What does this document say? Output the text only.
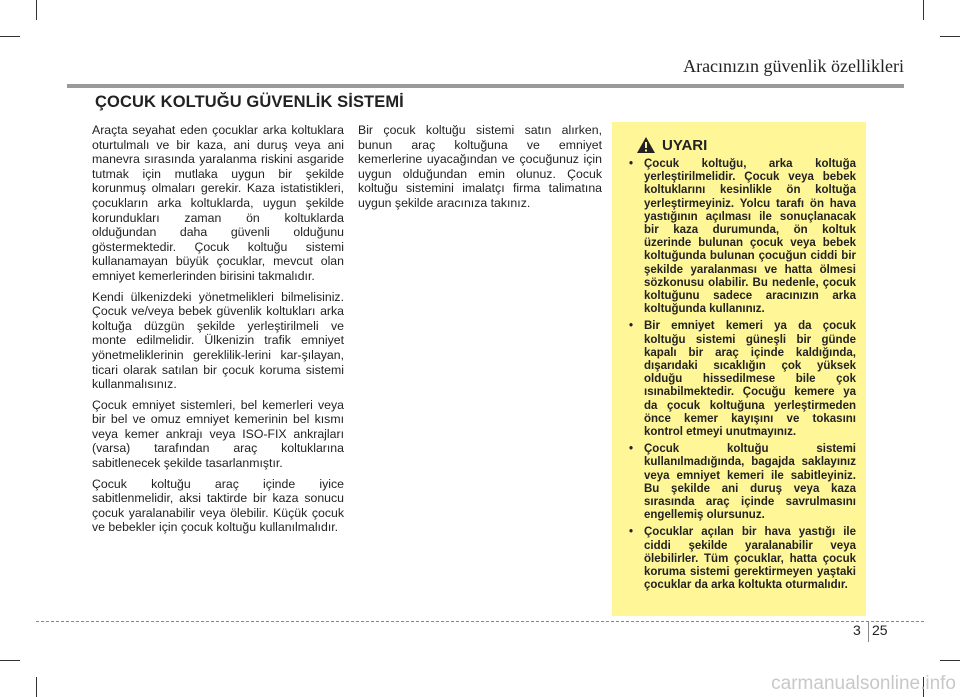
Aracınızın güvenlik özellikleri
ÇOCUK KOLTUĞU GÜVENLİK SİSTEMİ

Araçta seyahat eden çocuklar arka koltuklara oturtulmalı ve bir kaza, ani duruş veya ani manevra sırasında yaralanma riskini asgaride tutmak için mutlaka uygun bir şekilde korunmuş olmaları gerekir. Kaza istatistikleri, çocukların arka koltuklarda, uygun şekilde korundukları zaman ön koltuklarda olduğundan daha güvenli olduğunu göstermektedir. Çocuk koltuğu sistemi kullanamayan büyük çocuklar, mevcut olan emniyet kemerlerinden birisini takmalıdır.

Kendi ülkenizdeki yönetmelikleri bilmelisiniz. Çocuk ve/veya bebek güvenlik koltukları arka koltuğa düzgün şekilde yerleştirilmeli ve monte edilmelidir. Ülkenizin trafik emniyet yönetmeliklerinin gereklilik-lerini kar-şılayan, ticari olarak satılan bir çocuk koruma sistemi kullanmalısınız.

Çocuk emniyet sistemleri, bel kemerleri veya bir bel ve omuz emniyet kemerinin bel kısmı veya kemer ankrajı veya ISO-FIX ankrajları (varsa) tarafından araç koltuklarına sabitlenecek şekilde tasarlanmıştır.

Çocuk koltuğu araç içinde iyice sabitlenmelidir, aksi taktirde bir kaza sonucu çocuk yaralanabilir veya ölebilir. Küçük çocuk ve bebekler için çocuk koltuğu kullanılmalıdır.

Bir çocuk koltuğu sistemi satın alırken, bunun araç koltuğuna ve emniyet kemerlerine uyacağından ve çocuğunuz için uygun olduğundan emin olunuz. Çocuk koltuğu sistemini imalatçı firma talimatına uygun şekilde aracınıza takınız.

UYARI
• Çocuk koltuğu, arka koltuğa yerleştirilmelidir. Çocuk veya bebek koltuklarını kesinlikle ön koltuğa yerleştirmeyiniz. Yolcu tarafı ön hava yastığının açılması ile sonuçlanacak bir kaza durumunda, ön koltuk üzerinde bulunan çocuk veya bebek koltuğunda bulunan çocuğun ciddi bir şekilde yaralanması ve hatta ölmesi sözkonusu olabilir. Bu nedenle, çocuk koltuğunu sadece aracınızın arka koltuğunda kullanınız.
• Bir emniyet kemeri ya da çocuk koltuğu sistemi güneşli bir günde kapalı bir araç içinde kaldığında, dışarıdaki sıcaklığın çok yüksek olduğu hissedilmese bile çok ısınabilmektedir. Çocuğu kemere ya da çocuk koltuğuna yerleştirmeden önce kemer kayışını ve tokasını kontrol etmeyi unutmayınız.
• Çocuk koltuğu sistemi kullanılmadığında, bagajda saklayınız veya emniyet kemeri ile sabitleyiniz. Bu şekilde ani duruş veya kaza sırasında araç içinde savrulmasını engellemiş olursunuz.
• Çocuklar açılan bir hava yastığı ile ciddi şekilde yaralanabilir veya ölebilirler. Tüm çocuklar, hatta çocuk koruma sistemi gerektirmeyen yaştaki çocuklar da arka koltukta oturmalıdır.
3 25
carmanualsonline.info
